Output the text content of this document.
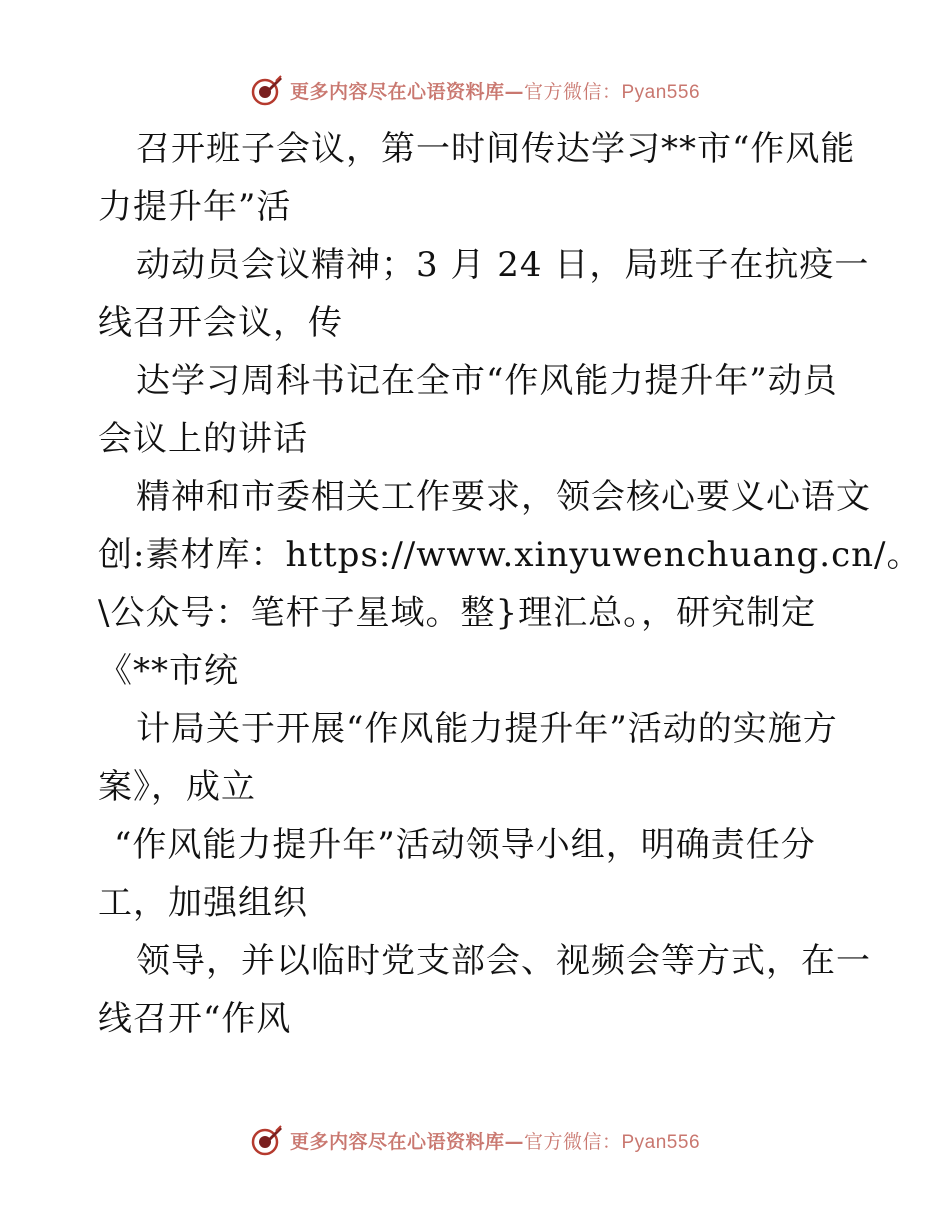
更多内容尽在心语资料库—官方微信：Pyan556
召开班子会议，第一时间传达学习**市“作风能
力提升年”活
动动员会议精神；3 月 24 日，局班子在抗疫一
线召开会议，传
达学习周科书记在全市“作风能力提升年”动员
会议上的讲话
精神和市委相关工作要求，领会核心要义心语文
创:素材库：https://www.xinyuwenchuang.cn/。
\公众号：笔杆子星域。整}理汇总。，研究制定
《**市统
计局关于开展“作风能力提升年”活动的实施方
案》，成立
“作风能力提升年”活动领导小组，明确责任分
工，加强组织
领导，并以临时党支部会、视频会等方式，在一
线召开“作风
更多内容尽在心语资料库—官方微信：Pyan556
